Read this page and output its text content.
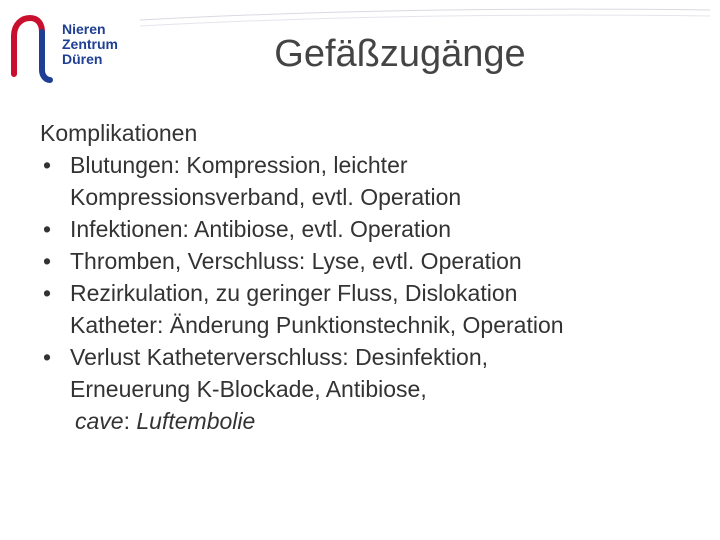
Nieren
Zentrum
Düren	Gefäßzugänge
Komplikationen
• Blutungen: Kompression, leichter
Kompressionsverband, evtl. Operation
• Infektionen: Antibiose, evtl. Operation
• Thromben, Verschluss: Lyse, evtl. Operation
• Rezirkulation, zu geringer Fluss, Dislokation
Katheter: Änderung Punktionstechnik, Operation
• Verlust Katheterverschluss: Desinfektion,
Erneuerung K-Blockade, Antibiose,
cave: Luftembolie
